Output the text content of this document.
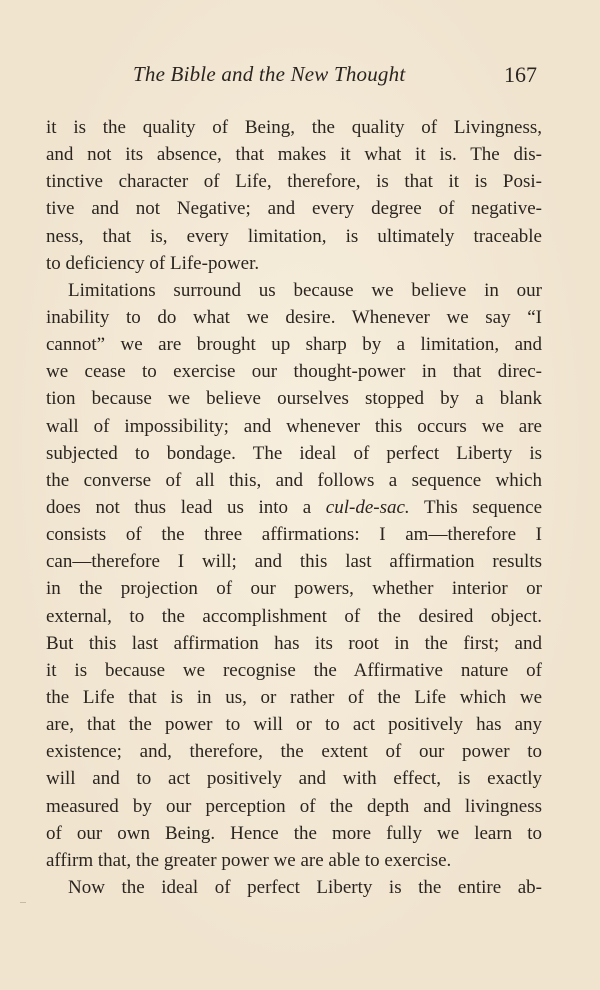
The Bible and the New Thought	167

it is the quality of Being, the quality of Livingness,
and not its absence, that makes it what it is. The dis-
tinctive character of Life, therefore, is that it is Posi-
tive and not Negative; and every degree of negative-
ness, that is, every limitation, is ultimately traceable
to deficiency of Life-power.

Limitations surround us because we believe in our
inability to do what we desire. Whenever we say “I
cannot” we are brought up sharp by a limitation, and
we cease to exercise our thought-power in that direc-
tion because we believe ourselves stopped by a blank
wall of impossibility; and whenever this occurs we are
subjected to bondage. The ideal of perfect Liberty is
the converse of all this, and follows a sequence which
does not thus lead us into a cul-de-sac. This sequence
consists of the three affirmations: I am—therefore I
can—therefore I will; and this last affirmation results
in the projection of our powers, whether interior or
external, to the accomplishment of the desired object.
But this last affirmation has its root in the first; and
it is because we recognise the Affirmative nature of
the Life that is in us, or rather of the Life which we
are, that the power to will or to act positively has any
existence; and, therefore, the extent of our power to
will and to act positively and with effect, is exactly
measured by our perception of the depth and livingness
of our own Being. Hence the more fully we learn to
affirm that, the greater power we are able to exercise.

Now the ideal of perfect Liberty is the entire ab-
